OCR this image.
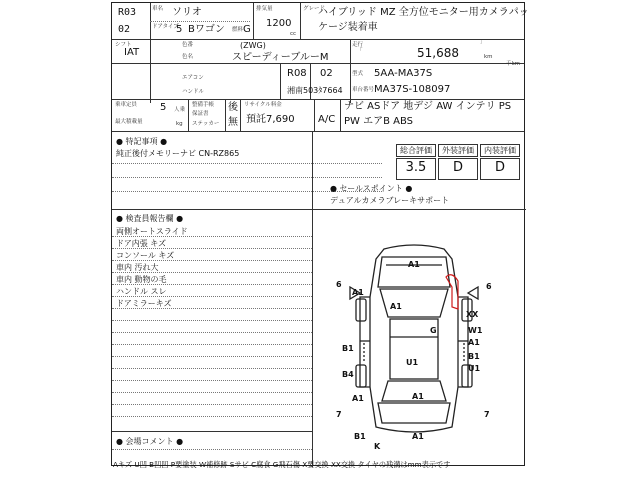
R03
02
車名 ソリオ
ドアタイプ
5 Bワゴン 燃料 G
排気量
1200
cc
グレード
ハイブリッド MZ 全方位モニター用カメラパッ
ケージ装着車
シフト
IAT
色番	(ZWG)
色名	スピーディーブルーM
走行
「	51,688
」
km
千km
エアコン
ハンドル
R08 02
湘南503ﾀ7664
型式 5AA-MA37S
車台番号 MA37S-108097
乗車定員 5 人乗
最大積載量	kg
整備手帳
保証書
ステッカー
後
無
リサイクル料金
預託7,690 A/C
ナビ ASドア 地デジ AW インテリ PS
PW エアB ABS
● 特記事項 ●
純正後付メモリーナビ CN-RZ865	総合評価	外装評価	内装評価
3.5	D	D
● セールスポイント ●
デュアルカメラブレーキサポート
● 検査員報告欄 ●
両側オートスライド
ドア内張 キズ
コンソール キズ
車内 汚れ大
車内 動物の毛
ハンドル スレ
ドアミラーキズ
● 会場コメント ●
A1
6
A1
A1
6
XX
W1
A1
G
B1
U1
B1
U1
B4
A1	A1
7	7
B1	A1
K
Aキズ U凹 B凹凹 P要塗装 W補修跡 Sサビ C腐食 G飛石傷 X要交換 XX交換 タイヤの残溝はmm表示です
